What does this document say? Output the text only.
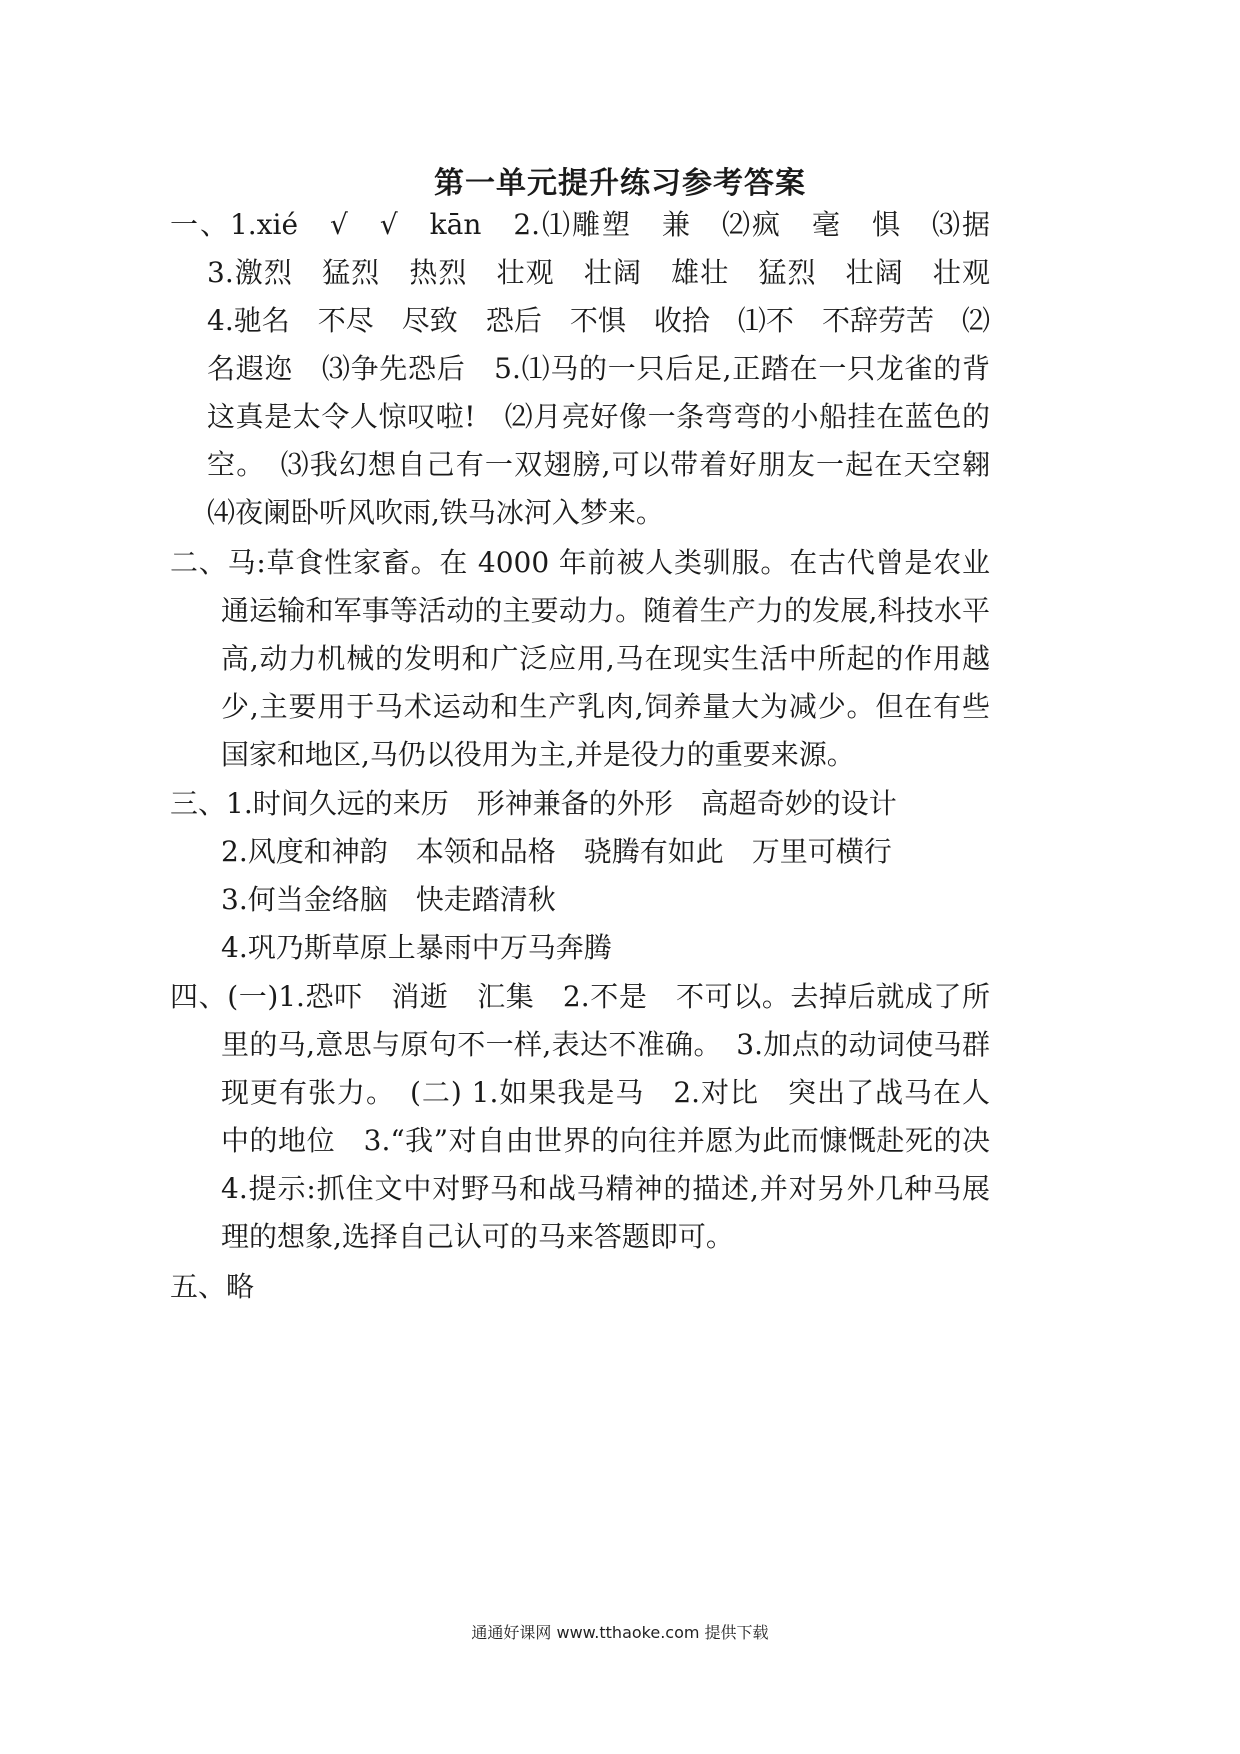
第一单元提升练习参考答案
一、1.xié　√　√　kān　2.⑴雕塑　兼　⑵疯　毫　惧　⑶据　
3.激烈　猛烈　热烈　壮观　壮阔　雄壮　猛烈　壮阔　壮观　
4.驰名　不尽　尽致　恐后　不惧　收拾　⑴不　不辞劳苦　⑵
名遐迩　⑶争先恐后　5.⑴马的一只后足,正踏在一只龙雀的背
这真是太令人惊叹啦!　⑵月亮好像一条弯弯的小船挂在蓝色的
空。　⑶我幻想自己有一双翅膀,可以带着好朋友一起在天空翱
⑷夜阑卧听风吹雨,铁马冰河入梦来。
二、马:草食性家畜。在 4000 年前被人类驯服。在古代曾是农业
通运输和军事等活动的主要动力。随着生产力的发展,科技水平
高,动力机械的发明和广泛应用,马在现实生活中所起的作用越
少,主要用于马术运动和生产乳肉,饲养量大为减少。但在有些
国家和地区,马仍以役用为主,并是役力的重要来源。
三、1.时间久远的来历　形神兼备的外形　高超奇妙的设计
2.风度和神韵　本领和品格　骁腾有如此　万里可横行
3.何当金络脑　快走踏清秋
4.巩乃斯草原上暴雨中万马奔腾
四、(一)1.恐吓　消逝　汇集　2.不是　不可以。去掉后就成了所
里的马,意思与原句不一样,表达不准确。　3.加点的动词使马群
现更有张力。　(二) 1.如果我是马　2.对比　突出了战马在人
中的地位　3.“我”对自由世界的向往并愿为此而慷慨赴死的决
4.提示:抓住文中对野马和战马精神的描述,并对另外几种马展
理的想象,选择自己认可的马来答题即可。
五、略
通通好课网 www.tthaoke.com 提供下载
